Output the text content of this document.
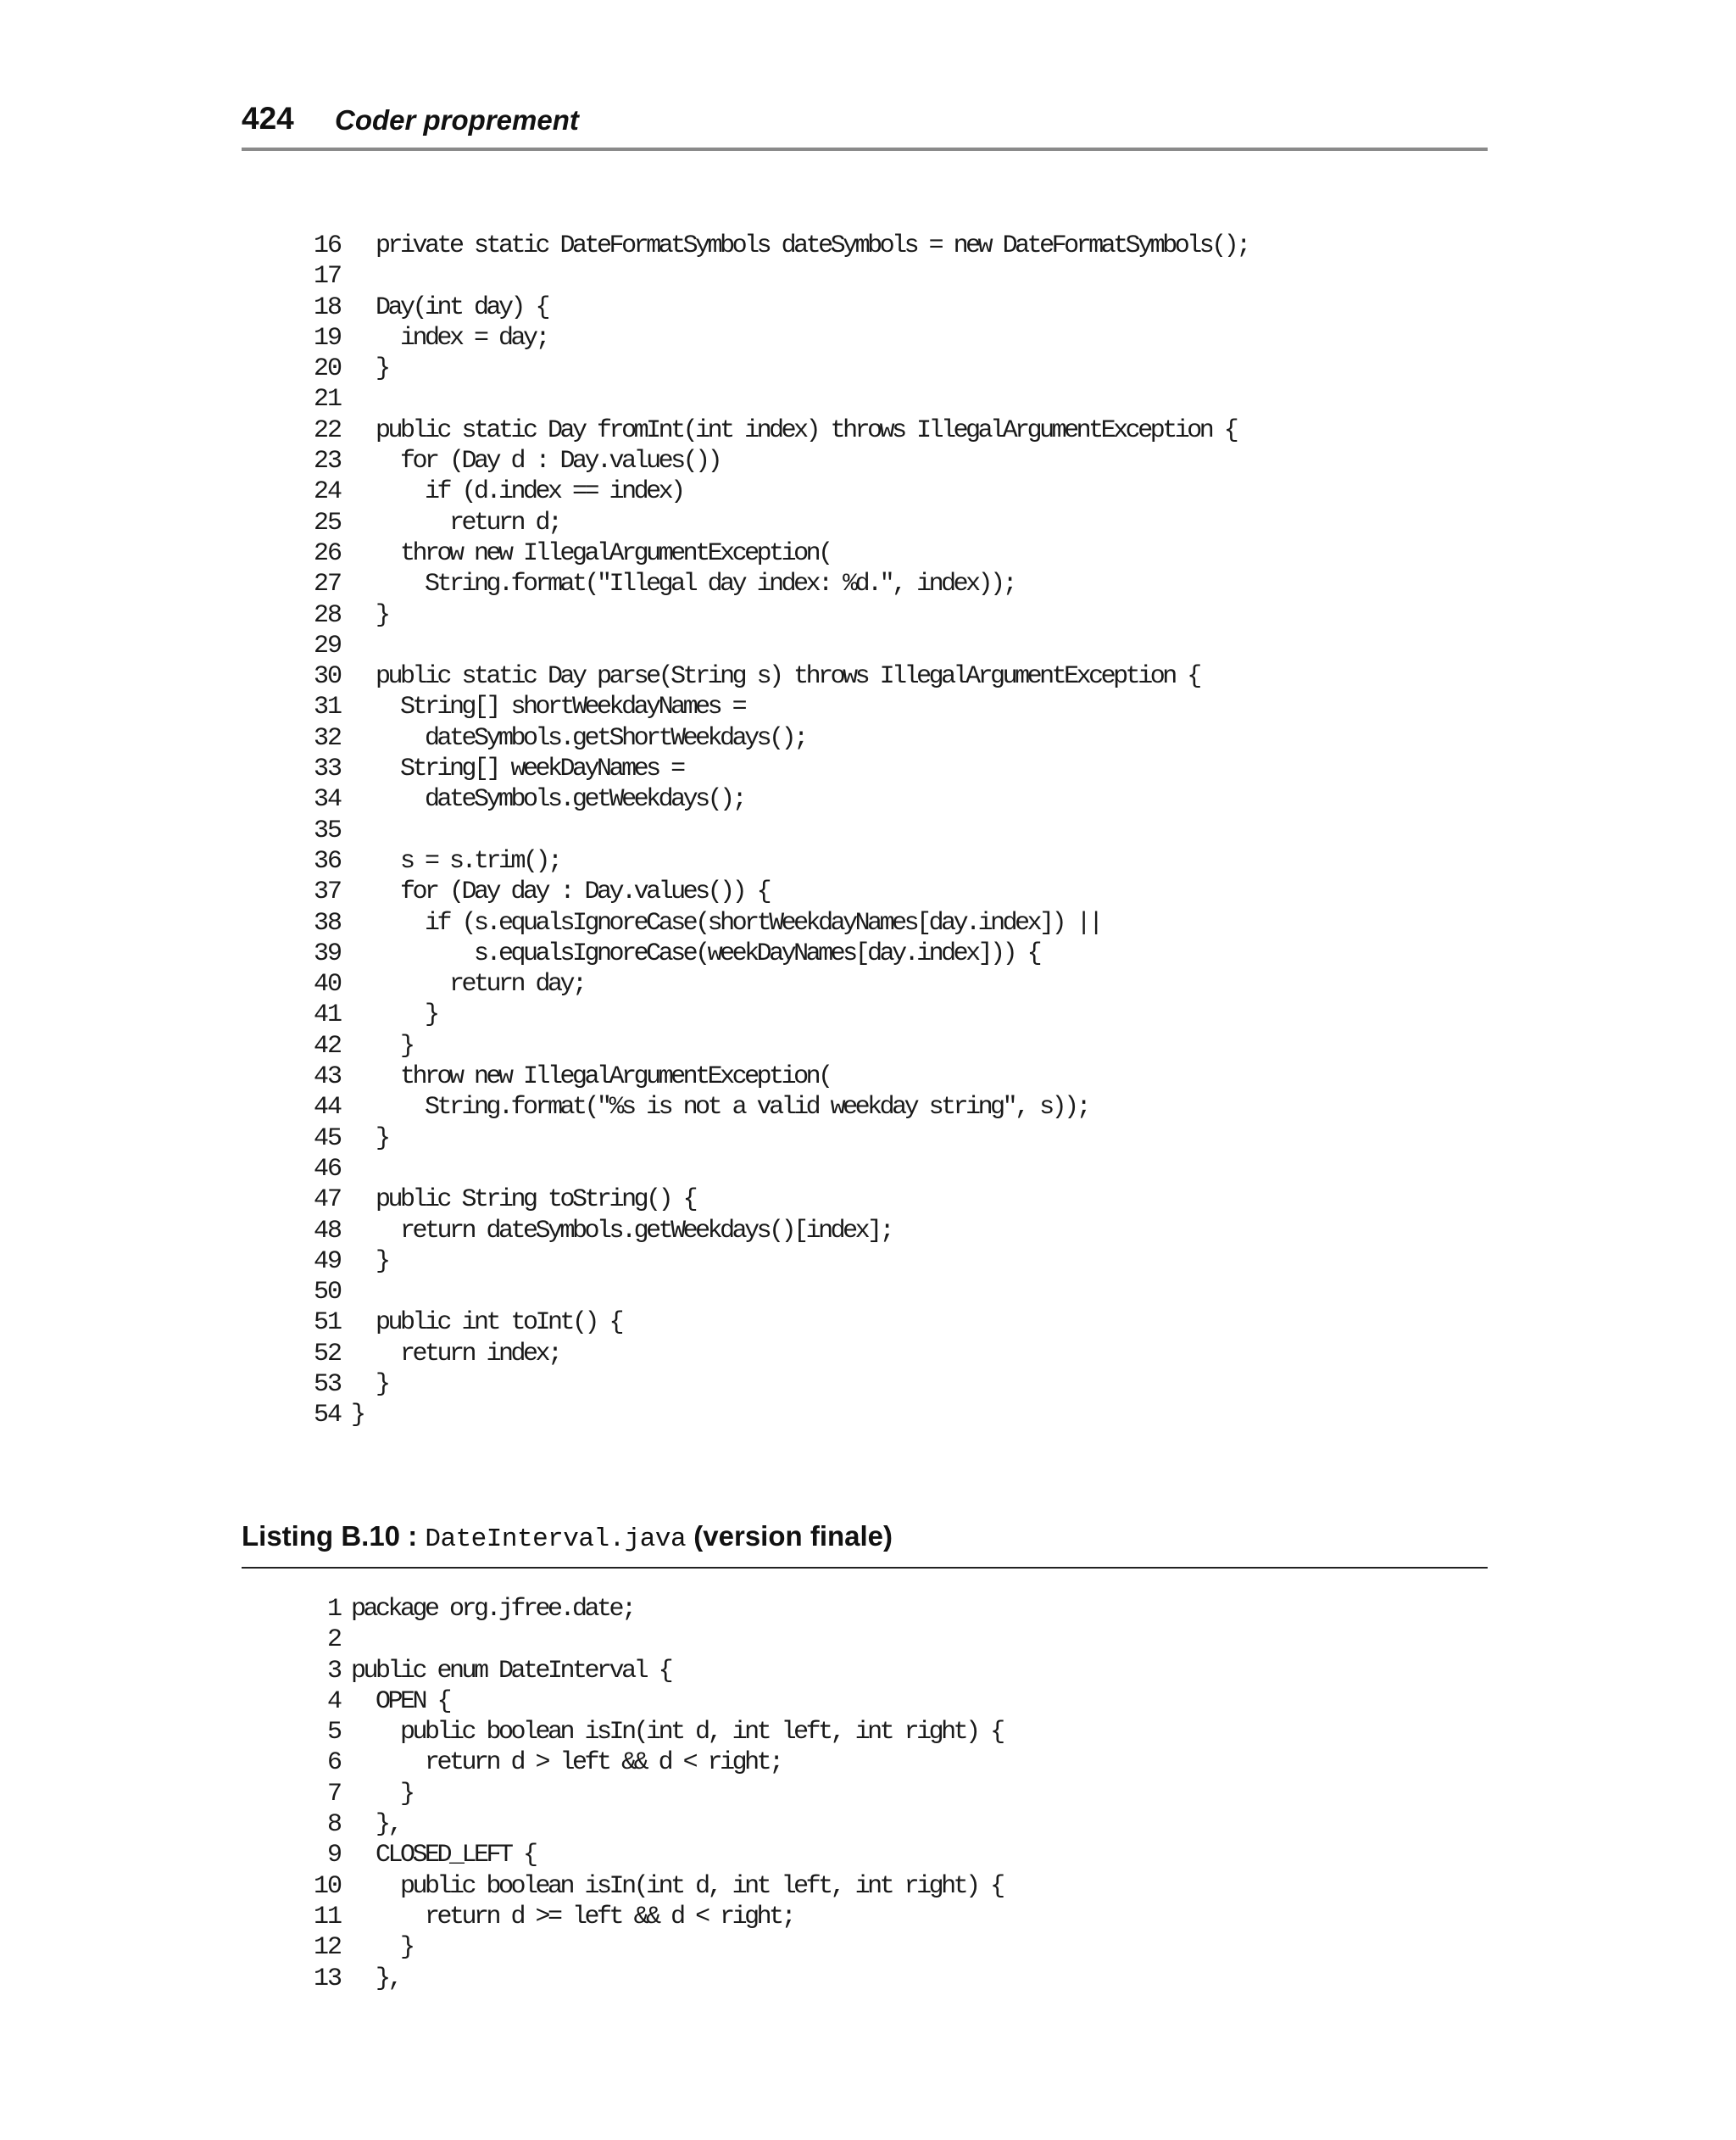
424 Coder proprement
16  private static DateFormatSymbols dateSymbols = new DateFormatSymbols();
17
18  Day(int day) {
19    index = day;
20  }
21
22  public static Day fromInt(int index) throws IllegalArgumentException {
23    for (Day d : Day.values())
24      if (d.index == index)
25        return d;
26    throw new IllegalArgumentException(
27      String.format("Illegal day index: %d.", index));
28  }
29
30  public static Day parse(String s) throws IllegalArgumentException {
31    String[] shortWeekdayNames =
32      dateSymbols.getShortWeekdays();
33    String[] weekDayNames =
34      dateSymbols.getWeekdays();
35
36    s = s.trim();
37    for (Day day : Day.values()) {
38      if (s.equalsIgnoreCase(shortWeekdayNames[day.index]) ||
39          s.equalsIgnoreCase(weekDayNames[day.index])) {
40        return day;
41      }
42    }
43    throw new IllegalArgumentException(
44      String.format("%s is not a valid weekday string", s));
45  }
46
47  public String toString() {
48    return dateSymbols.getWeekdays()[index];
49  }
50
51  public int toInt() {
52    return index;
53  }
54 }
Listing B.10 : DateInterval.java (version finale)
1 package org.jfree.date;
2
3 public enum DateInterval {
4  OPEN {
5    public boolean isIn(int d, int left, int right) {
6      return d > left && d < right;
7    }
8  },
9  CLOSED_LEFT {
10    public boolean isIn(int d, int left, int right) {
11      return d >= left && d < right;
12    }
13  },
